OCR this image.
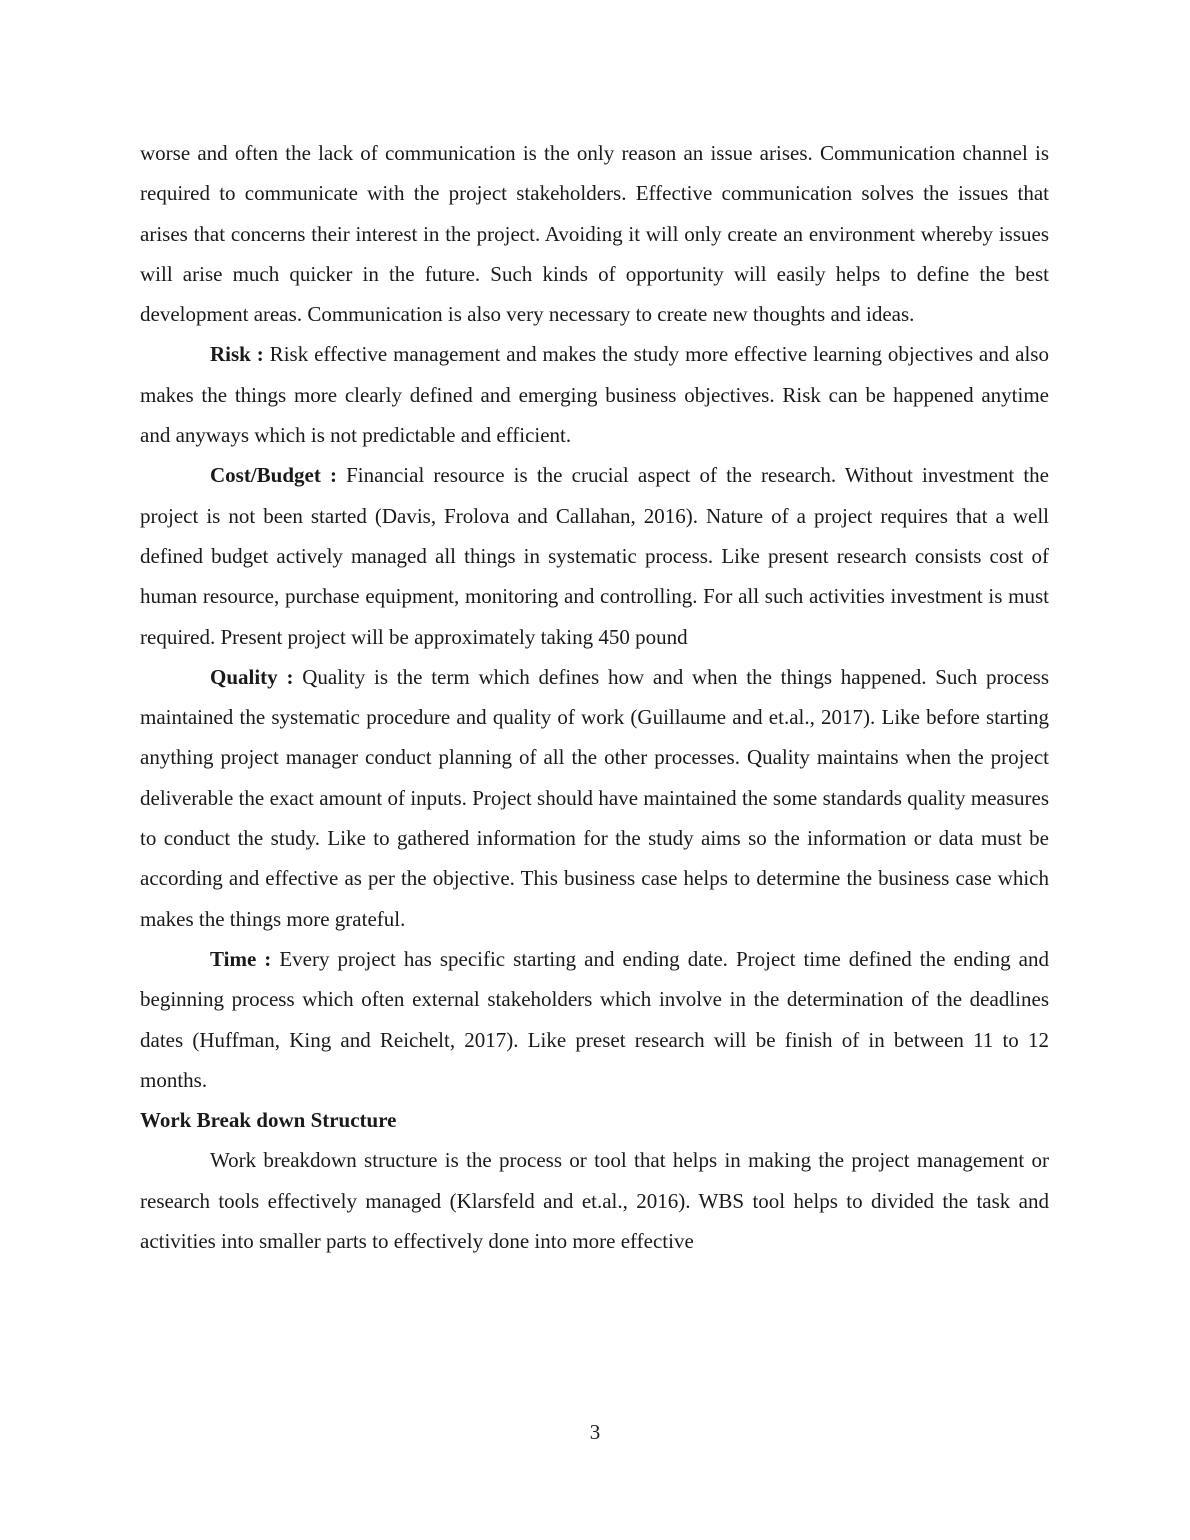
worse and often the lack of communication is the only reason an issue arises. Communication channel is required to communicate with the project stakeholders. Effective communication solves the issues that arises that concerns their interest in the project. Avoiding it will only create an environment whereby issues will arise much quicker in the future. Such kinds of opportunity will easily helps to define the best development areas. Communication is also very necessary to create new thoughts and ideas.

Risk : Risk effective management and makes the study more effective learning objectives and also makes the things more clearly defined and emerging business objectives. Risk can be happened anytime and anyways which is not predictable and efficient.

Cost/Budget : Financial resource is the crucial aspect of the research. Without investment the project is not been started (Davis, Frolova and Callahan, 2016). Nature of a project requires that a well defined budget actively managed all things in systematic process. Like present research consists cost of human resource, purchase equipment, monitoring and controlling. For all such activities investment is must required. Present project will be approximately taking 450 pound

Quality : Quality is the term which defines how and when the things happened. Such process maintained the systematic procedure and quality of work (Guillaume and et.al., 2017). Like before starting anything project manager conduct planning of all the other processes. Quality maintains when the project deliverable the exact amount of inputs. Project should have maintained the some standards quality measures to conduct the study. Like to gathered information for the study aims so the information or data must be according and effective as per the objective. This business case helps to determine the business case which makes the things more grateful.

Time : Every project has specific starting and ending date. Project time defined the ending and beginning process which often external stakeholders which involve in the determination of the deadlines dates (Huffman, King and Reichelt, 2017). Like preset research will be finish of in between 11 to 12 months.

Work Break down Structure

Work breakdown structure is the process or tool that helps in making the project management or research tools effectively managed (Klarsfeld and et.al., 2016). WBS tool helps to divided the task and activities into smaller parts to effectively done into more effective

3
